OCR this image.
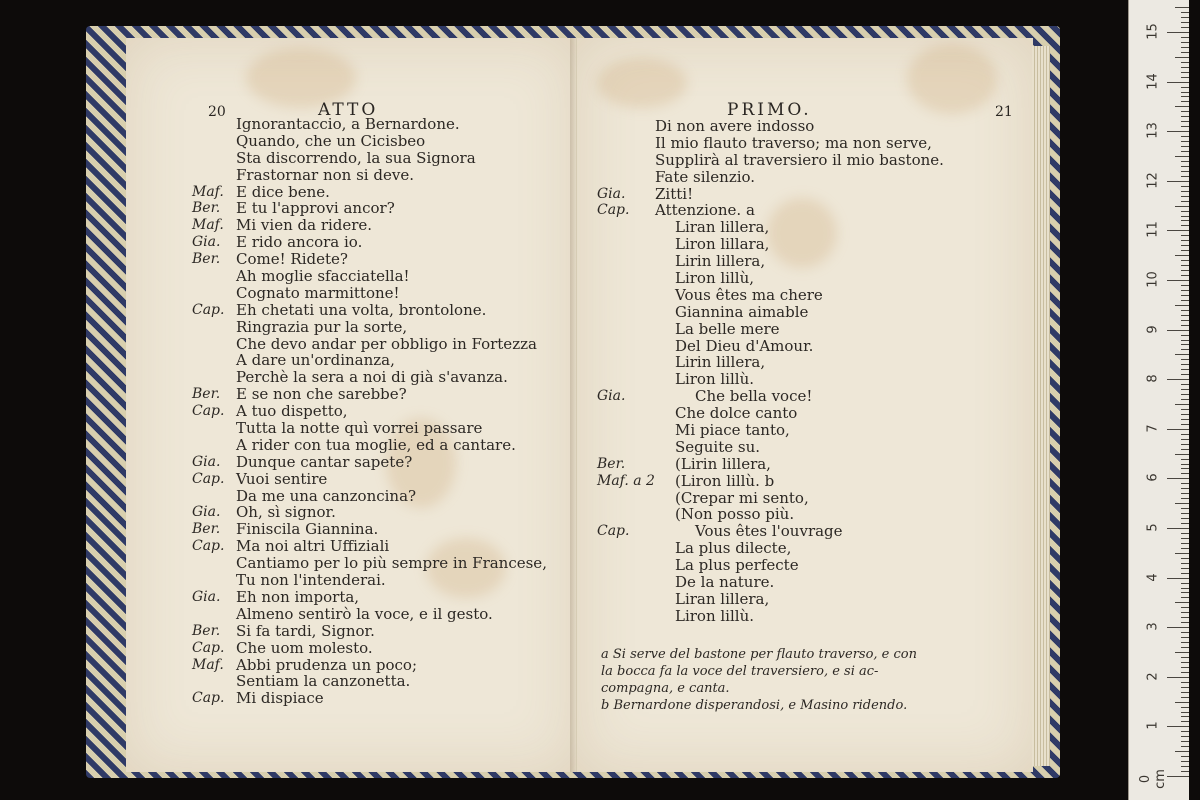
20	ATTO
Ignorantaccio, a Bernardone.
Quando, che un Cicisbeo
Sta discorrendo, la sua Signora
Frastornar non si deve.
Maf. E dice bene.
Ber. E tu l'approvi ancor?
Maf. Mi vien da ridere.
Gia. E rido ancora io.
Ber. Come! Ridete?
Ah moglie sfacciatella!
Cognato marmittone!
Cap. Eh chetati una volta, brontolone.
Ringrazia pur la sorte,
Che devo andar per obbligo in Fortezza
A dare un'ordinanza,
Perchè la sera a noi di già s'avanza.
Ber. E se non che sarebbe?
Cap. A tuo dispetto,
Tutta la notte quì vorrei passare
A rider con tua moglie, ed a cantare.
Gia. Dunque cantar sapete?
Cap. Vuoi sentire
Da me una canzoncina?
Gia. Oh, sì signor.
Ber. Finiscila Giannina.
Cap. Ma noi altri Uffiziali
Cantiamo per lo più sempre in Francese,
Tu non l'intenderai.
Gia. Eh non importa,
Almeno sentirò la voce, e il gesto.
Ber. Si fa tardi, Signor.
Cap. Che uom molesto.
Maf. Abbi prudenza un poco;
Sentiam la canzonetta.
Cap. Mi dispiace
PRIMO.	21
Di non avere indosso
Il mio flauto traverso; ma non serve,
Supplirà al traversiero il mio bastone.
Fate silenzio.
Gia. Zitti!
Cap. Attenzione. a
Liran lillera,
Liron lillara,
Lirin lillera,
Liron lillù,
Vous êtes ma chere
Giannina aimable
La belle mere
Del Dieu d'Amour.
Lirin lillera,
Liron lillù.
Gia.	Che bella voce!
Che dolce canto
Mi piace tanto,
Seguite su.
Ber.	(Lirin lillera,
Maf. a 2 (Liron lillù. b
(Crepar mi sento,
(Non posso più.
Cap.	Vous êtes l'ouvrage
La plus dilecte,
La plus perfecte
De la nature.
Liran lillera,
Liron lillù.
a Si serve del bastone per flauto traverso, e con
la bocca fa la voce del traversiero, e si ac-
compagna, e canta.
b Bernardone disperandosi, e Masino ridendo.
0 cm
1
2
3
4
5
6
7
8
9
10
11
12
13
14
15
